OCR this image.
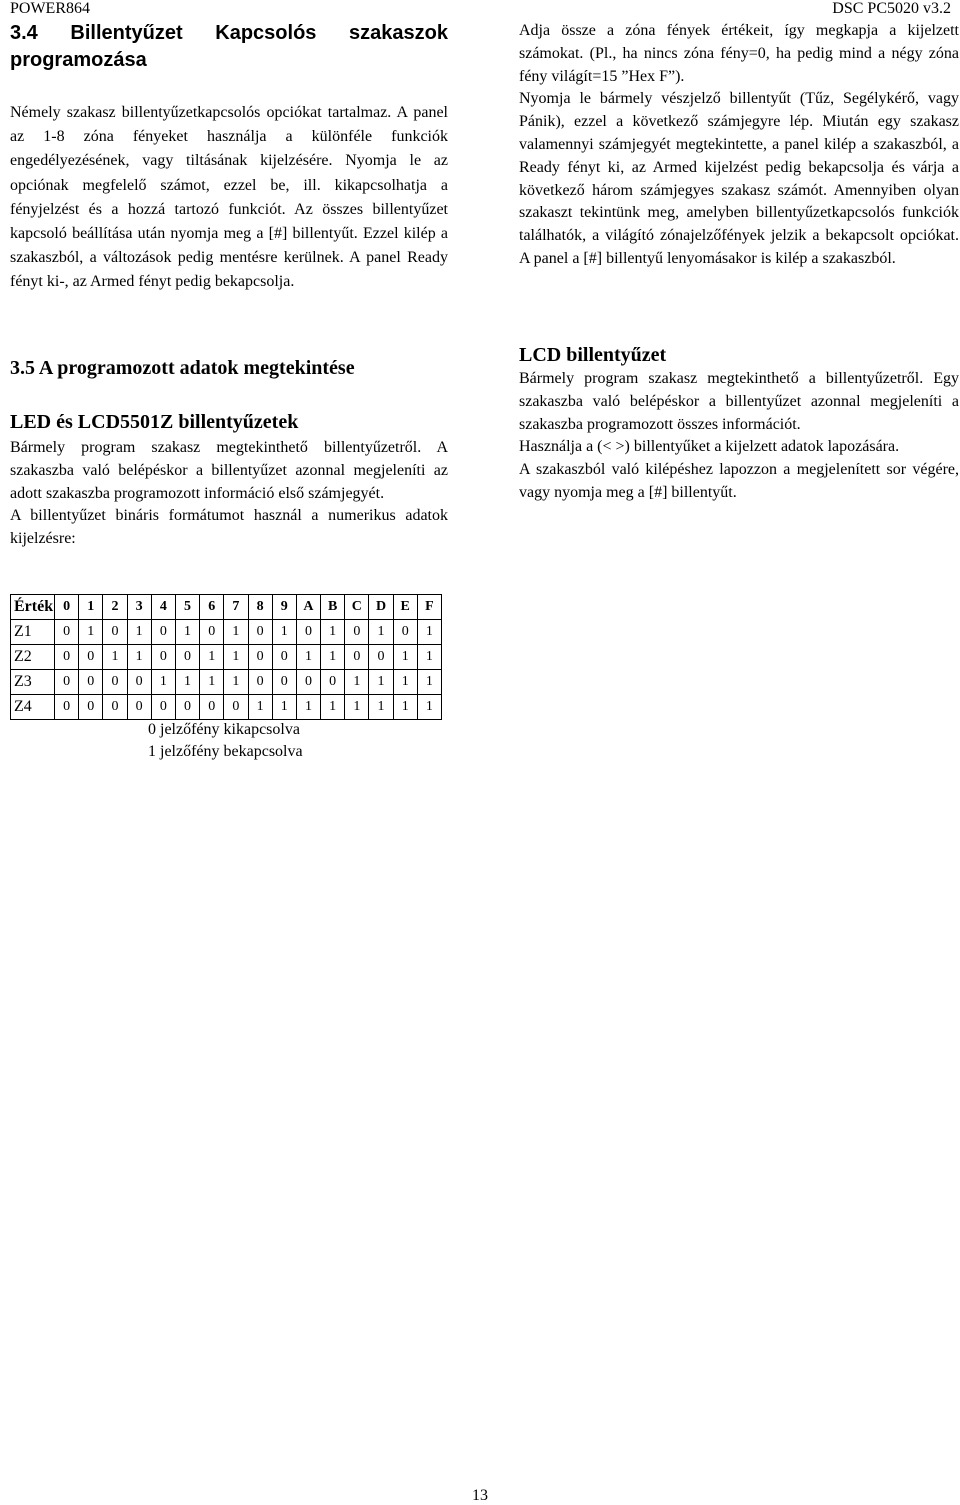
POWER864	DSC PC5020 v3.2
3.4 Billentyűzet Kapcsolós szakaszok
programozása

Némely szakasz billentyűzetkapcsolós opciókat tartalmaz. A panel az 1-8 zóna fényeket használja a különféle funkciók engedélyezésének, vagy tiltásának kijelzésére. Nyomja le az opciónak megfelelő számot, ezzel be, ill. kikapcsolhatja a fényjelzést és a hozzá tartozó funkciót. Az összes billentyűzet kapcsoló beállítása után nyomja meg a [#] billentyűt. Ezzel kilép a szakaszból, a változások pedig mentésre kerülnek. A panel Ready fényt ki-, az Armed fényt pedig bekapcsolja.

3.5 A programozott adatok megtekintése
LED és LCD5501Z billentyűzetek

Bármely program szakasz megtekinthető billentyűzetről. A szakaszba való belépéskor a billentyűzet azonnal megjeleníti az adott szakaszba programozott információ első számjegyét.

A billentyűzet bináris formátumot használ a numerikus adatok kijelzésre:

Adja össze a zóna fények értékeit, így megkapja a kijelzett számokat. (Pl., ha nincs zóna fény=0, ha pedig mind a négy zóna fény világít=15 ”Hex F”).

Nyomja le bármely vészjelző billentyűt (Tűz, Segélykérő, vagy Pánik), ezzel a következő számjegyre lép. Miután egy szakasz valamennyi számjegyét megtekintette, a panel kilép a szakaszból, a Ready fényt ki, az Armed kijelzést pedig bekapcsolja és várja a következő három számjegyes szakasz számót. Amennyiben olyan szakaszt tekintünk meg, amelyben billentyűzetkapcsolós funkciók találhatók, a világító zónajelzőfények jelzik a bekapcsolt opciókat. A panel a [#] billentyű lenyomásakor is kilép a szakaszból.

LCD billentyűzet

Bármely program szakasz megtekinthető a billentyűzetről. Egy szakaszba való belépéskor a billentyűzet azonnal megjeleníti a szakaszba programozott összes információt.

Használja a (< >) billentyűket a kijelzett adatok lapozására.

A szakaszból való kilépéshez lapozzon a megjelenített sor végére, vagy nyomja meg a [#] billentyűt.

Érték	0	1	2	3	4	5	6	7	8	9	A	B	C	D	E	F
Z1	0	1	0	1	0	1	0	1	0	1	0	1	0	1	0	1
Z2	0	0	1	1	0	0	1	1	0	0	1	1	0	0	1	1
Z3	0	0	0	0	1	1	1	1	0	0	0	0	1	1	1	1
Z4	0	0	0	0	0	0	0	0	1	1	1	1	1	1	1	1
0 jelzőfény kikapcsolva
1 jelzőfény bekapcsolva
13
